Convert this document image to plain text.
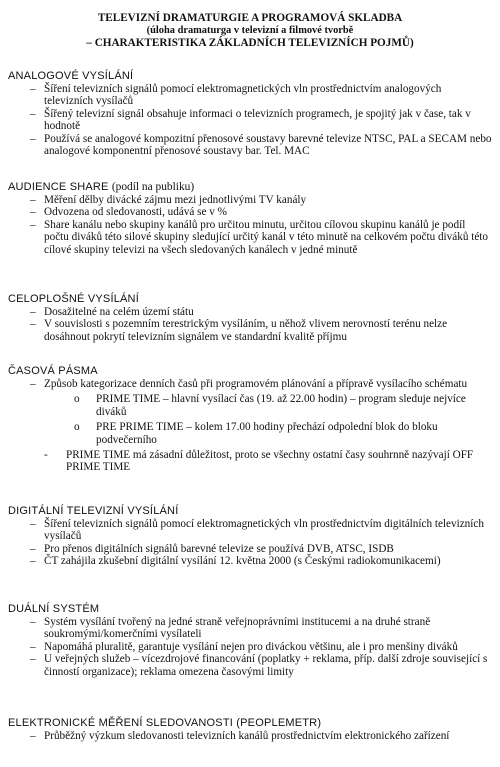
TELEVIZNÍ DRAMATURGIE A PROGRAMOVÁ SKLADBA
(úloha dramaturga v televizní a filmové tvorbě
– CHARAKTERISTIKA ZÁKLADNÍCH TELEVIZNÍCH POJMŮ)
ANALOGOVÉ VYSÍLÁNÍ
– Šíření televizních signálů pomocí elektromagnetických vln prostřednictvím analogových televizních vysílačů
– Šířený televizní signál obsahuje informaci o televizních programech, je spojitý jak v čase, tak v hodnotě
– Používá se analogové kompozitní přenosové soustavy barevné televize NTSC, PAL a SECAM nebo analogové komponentní přenosové soustavy bar. Tel. MAC
AUDIENCE SHARE (podíl na publiku)
– Měření dělby divácké zájmu mezi jednotlivými TV kanály
– Odvozena od sledovanosti, udává se v %
– Share kanálu nebo skupiny kanálů pro určitou minutu, určitou cílovou skupinu kanálů je podíl počtu diváků této silové skupiny sledující určitý kanál v této minutě na celkovém počtu diváků této cílové skupiny televizi na všech sledovaných kanálech v jedné minutě
CELOPLOŠNÉ VYSÍLÁNÍ
– Dosažitelné na celém území státu
– V souvislosti s pozemním terestrickým vysíláním, u něhož vlivem nerovností terénu nelze dosáhnout pokrytí televizním signálem ve standardní kvalitě příjmu
ČASOVÁ PÁSMA
– Způsob kategorizace denních časů při programovém plánování a přípravě vysílacího schématu
o PRIME TIME – hlavní vysílací čas (19. až 22.00 hodin) – program sleduje nejvíce diváků
o PRE PRIME TIME – kolem 17.00 hodiny přechází odpolední blok do bloku podvečerního
- PRIME TIME má zásadní důležitost, proto se všechny ostatní časy souhrnně nazývají OFF PRIME TIME
DIGITÁLNÍ TELEVIZNÍ VYSÍLÁNÍ
– Šíření televizních signálů pomocí elektromagnetických vln prostřednictvím digitálních televizních vysílačů
– Pro přenos digitálních signálů barevné televize se používá DVB, ATSC, ISDB
– ČT zahájila zkušební digitální vysílání 12. května 2000 (s Českými radiokomunikacemi)
DUÁLNÍ SYSTÉM
– Systém vysílání tvořený na jedné straně veřejnoprávními institucemi a na druhé straně soukromými/komerčními vysílateli
– Napomáhá pluralitě, garantuje vysílání nejen pro diváckou většinu, ale i pro menšiny diváků
– U veřejných služeb – vícezdrojové financování (poplatky + reklama, příp. další zdroje související s činností organizace); reklama omezena časovými limity
ELEKTRONICKÉ MĚŘENÍ SLEDOVANOSTI (PEOPLEMETR)
– Průběžný výzkum sledovanosti televizních kanálů prostřednictvím elektronického zařízení
